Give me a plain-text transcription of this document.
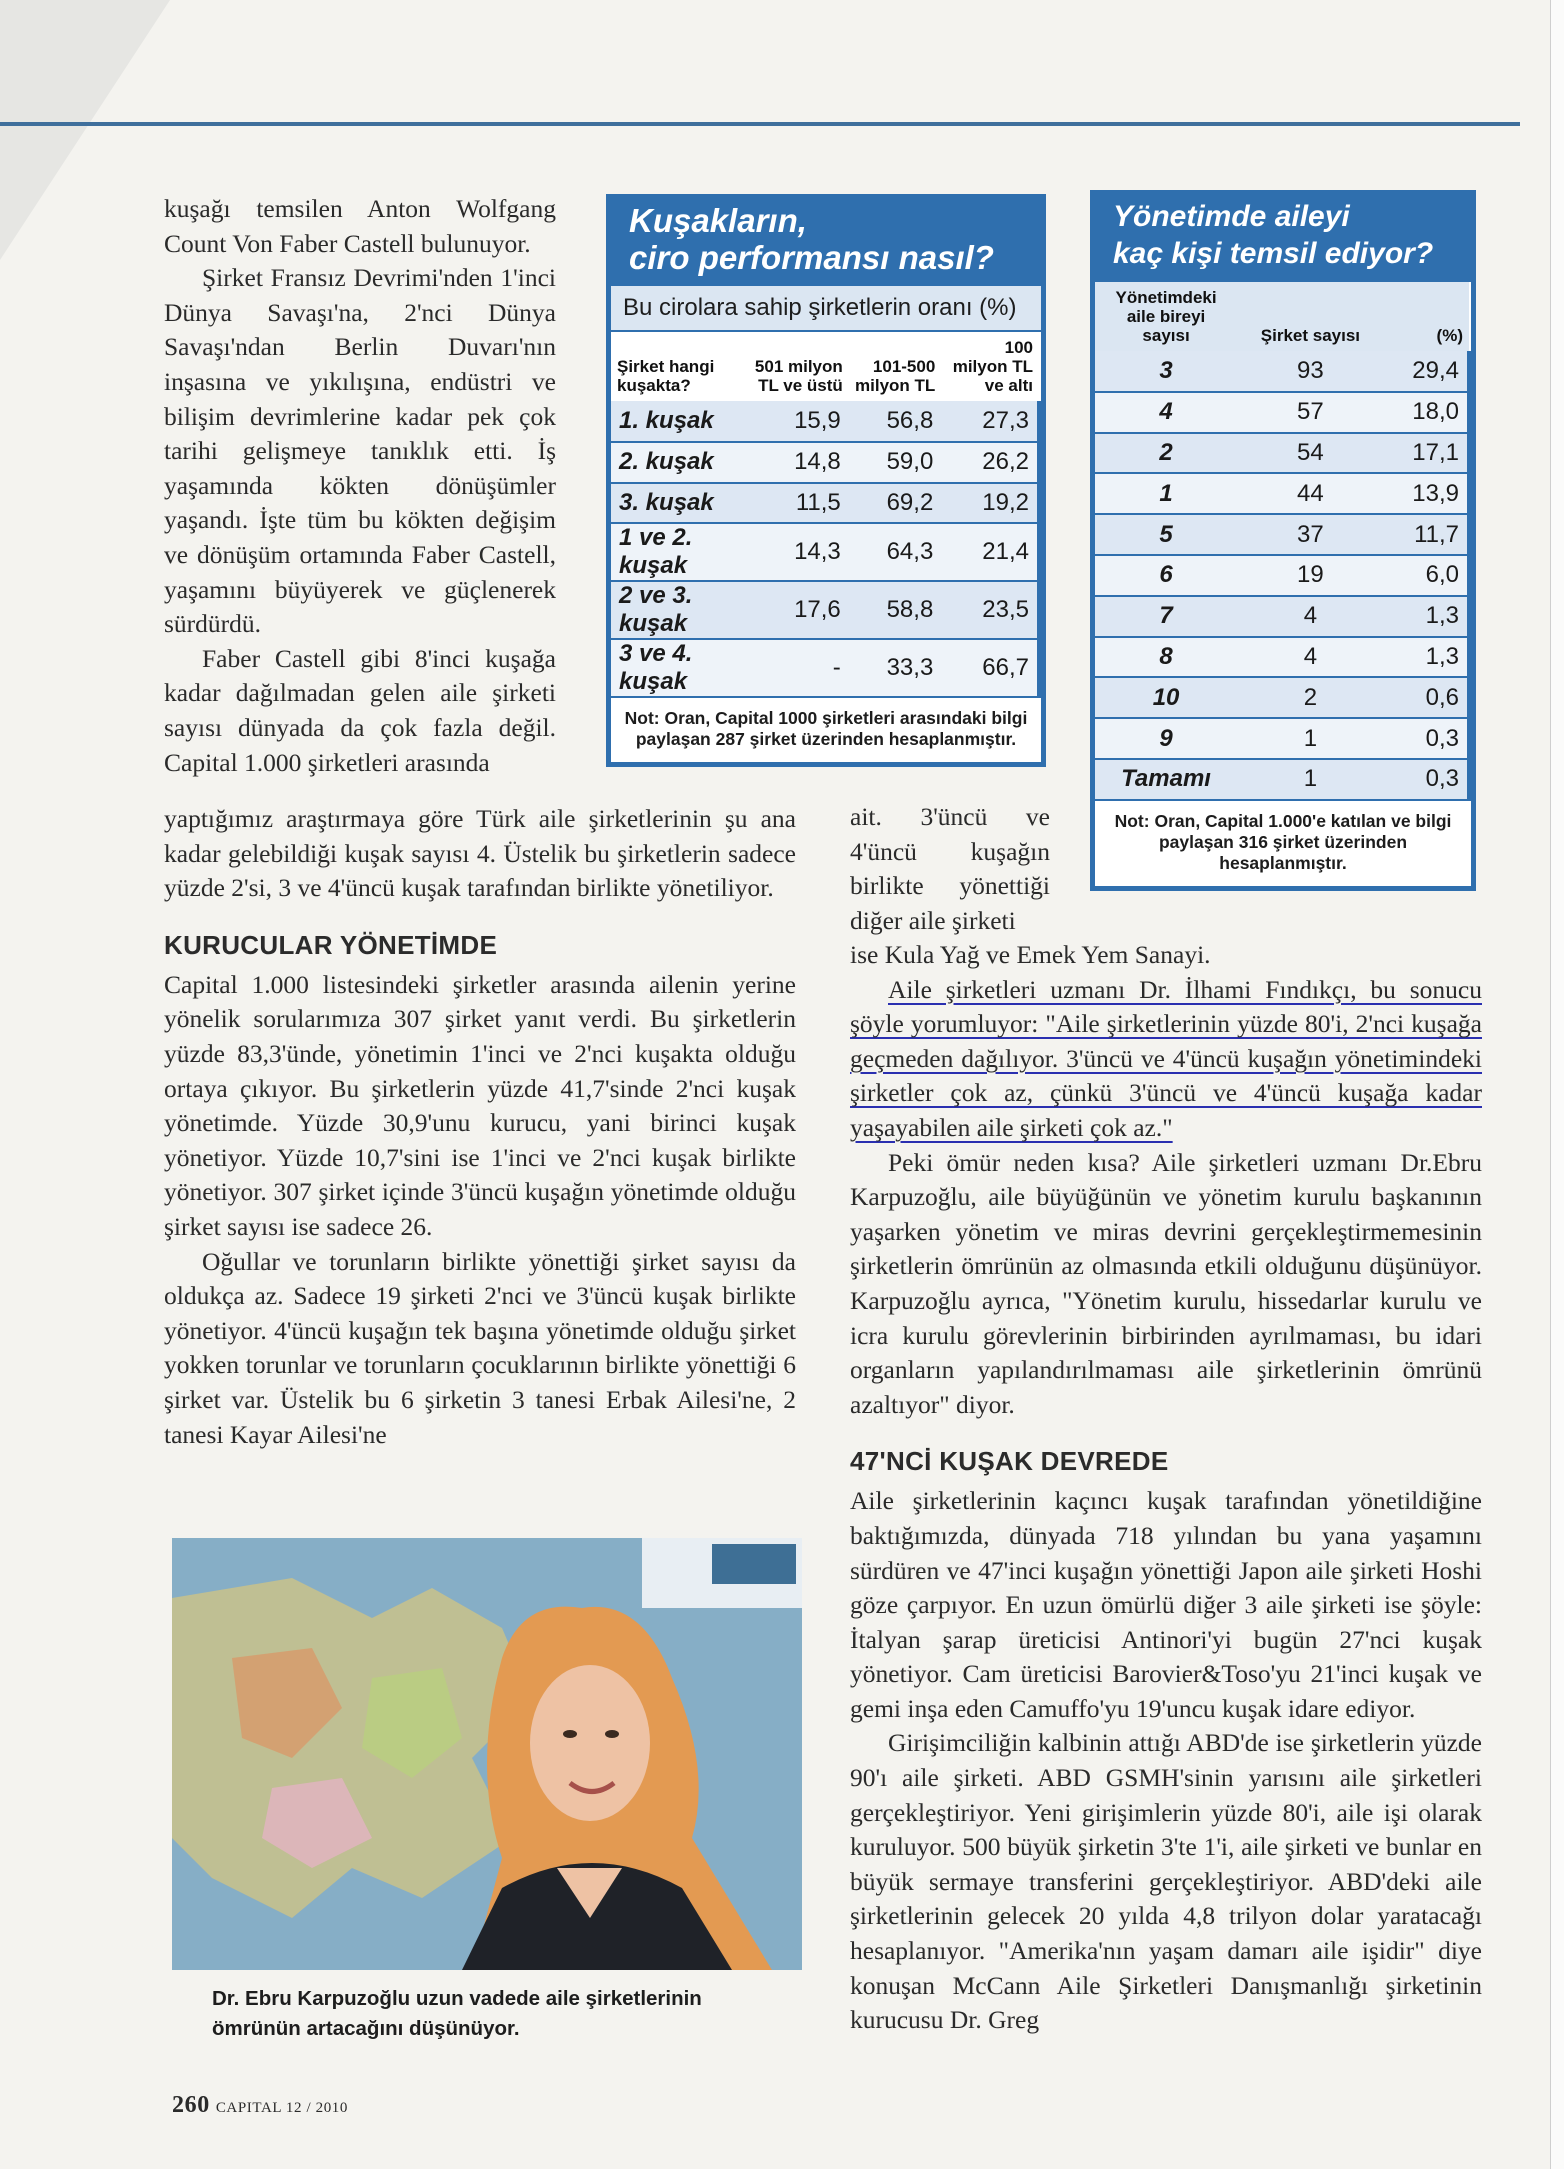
kuşağı temsilen Anton Wolfgang Count Von Faber Castell bulunuyor.

Şirket Fransız Devrimi'nden 1'inci Dünya Savaşı'na, 2'nci Dünya Savaşı'ndan Berlin Duvarı'nın inşasına ve yıkılışına, endüstri ve bilişim devrimlerine kadar pek çok tarihi gelişmeye tanıklık etti. İş yaşamında kökten dönüşümler yaşandı. İşte tüm bu kökten değişim ve dönüşüm ortamında Faber Castell, yaşamını büyüyerek ve güçlenerek sürdürdü.

Faber Castell gibi 8'inci kuşağa kadar dağılmadan gelen aile şirketi sayısı dünyada da çok fazla değil. Capital 1.000 şirketleri arasında

yaptığımız araştırmaya göre Türk aile şirketlerinin şu ana kadar gelebildiği kuşak sayısı 4. Üstelik bu şirketlerin sadece yüzde 2'si, 3 ve 4'üncü kuşak tarafından birlikte yönetiliyor.

KURUCULAR YÖNETİMDE

Capital 1.000 listesindeki şirketler arasında ailenin yerine yönelik sorularımıza 307 şirket yanıt verdi. Bu şirketlerin yüzde 83,3'ünde, yönetimin 1'inci ve 2'nci kuşakta olduğu ortaya çıkıyor. Bu şirketlerin yüzde 41,7'sinde 2'nci kuşak yönetimde. Yüzde 30,9'unu kurucu, yani birinci kuşak yönetiyor. Yüzde 10,7'sini ise 1'inci ve 2'nci kuşak birlikte yönetiyor. 307 şirket içinde 3'üncü kuşağın yönetimde olduğu şirket sayısı ise sadece 26.

Oğullar ve torunların birlikte yönettiği şirket sayısı da oldukça az. Sadece 19 şirketi 2'nci ve 3'üncü kuşak birlikte yönetiyor. 4'üncü kuşağın tek başına yönetimde olduğu şirket yokken torunlar ve torunların çocuklarının birlikte yönettiği 6 şirket var. Üstelik bu 6 şirketin 3 tanesi Erbak Ailesi'ne, 2 tanesi Kayar Ailesi'ne

Kuşakların,
ciro performansı nasıl?
Bu cirolara sahip şirketlerin oranı (%)
Şirket hangi kuşakta?	501 milyon TL ve üstü	101-500 milyon TL	100 milyon TL ve altı
1. kuşak	15,9	56,8	27,3
2. kuşak	14,8	59,0	26,2
3. kuşak	11,5	69,2	19,2
1 ve 2. kuşak	14,3	64,3	21,4
2 ve 3. kuşak	17,6	58,8	23,5
3 ve 4. kuşak	-	33,3	66,7
Not: Oran, Capital 1000 şirketleri arasındaki bilgi paylaşan 287 şirket üzerinden hesaplanmıştır.
Yönetimde aileyi
kaç kişi temsil ediyor?
Yönetimdeki aile bireyi sayısı	Şirket sayısı	(%)
3	93	29,4
4	57	18,0
2	54	17,1
1	44	13,9
5	37	11,7
6	19	6,0
7	4	1,3
8	4	1,3
10	2	0,6
9	1	0,3
Tamamı	1	0,3
Not: Oran, Capital 1.000'e katılan ve bilgi paylaşan 316 şirket üzerinden hesaplanmıştır.

ait. 3'üncü ve 4'üncü kuşağın birlikte yönettiği diğer aile şirketi

ise Kula Yağ ve Emek Yem Sanayi.

Aile şirketleri uzmanı Dr. İlhami Fındıkçı, bu sonucu şöyle yorumluyor: "Aile şirketlerinin yüzde 80'i, 2'nci kuşağa geçmeden dağılıyor. 3'üncü ve 4'üncü kuşağın yönetimindeki şirketler çok az, çünkü 3'üncü ve 4'üncü kuşağa kadar yaşayabilen aile şirketi çok az."

Peki ömür neden kısa? Aile şirketleri uzmanı Dr.Ebru Karpuzoğlu, aile büyüğünün ve yönetim kurulu başkanının yaşarken yönetim ve miras devrini gerçekleştirmemesinin şirketlerin ömrünün az olmasında etkili olduğunu düşünüyor. Karpuzoğlu ayrıca, "Yönetim kurulu, hissedarlar kurulu ve icra kurulu görevlerinin birbirinden ayrılmaması, bu idari organların yapılandırılmaması aile şirketlerinin ömrünü azaltıyor" diyor.

47'NCİ KUŞAK DEVREDE

Aile şirketlerinin kaçıncı kuşak tarafından yönetildiğine baktığımızda, dünyada 718 yılından bu yana yaşamını sürdüren ve 47'inci kuşağın yönettiği Japon aile şirketi Hoshi göze çarpıyor. En uzun ömürlü diğer 3 aile şirketi ise şöyle: İtalyan şarap üreticisi Antinori'yi bugün 27'nci kuşak yönetiyor. Cam üreticisi Barovier&Toso'yu 21'inci kuşak ve gemi inşa eden Camuffo'yu 19'uncu kuşak idare ediyor.

Girişimciliğin kalbinin attığı ABD'de ise şirketlerin yüzde 90'ı aile şirketi. ABD GSMH'sinin yarısını aile şirketleri gerçekleştiriyor. Yeni girişimlerin yüzde 80'i, aile işi olarak kuruluyor. 500 büyük şirketin 3'te 1'i, aile şirketi ve bunlar en büyük sermaye transferini gerçekleştiriyor. ABD'deki aile şirketlerinin gelecek 20 yılda 4,8 trilyon dolar yaratacağı hesaplanıyor. "Amerika'nın yaşam damarı aile işidir" diye konuşan McCann Aile Şirketleri Danışmanlığı şirketinin kurucusu Dr. Greg

Dr. Ebru Karpuzoğlu uzun vadede aile şirketlerinin ömrünün artacağını düşünüyor.
260 CAPITAL 12 / 2010
